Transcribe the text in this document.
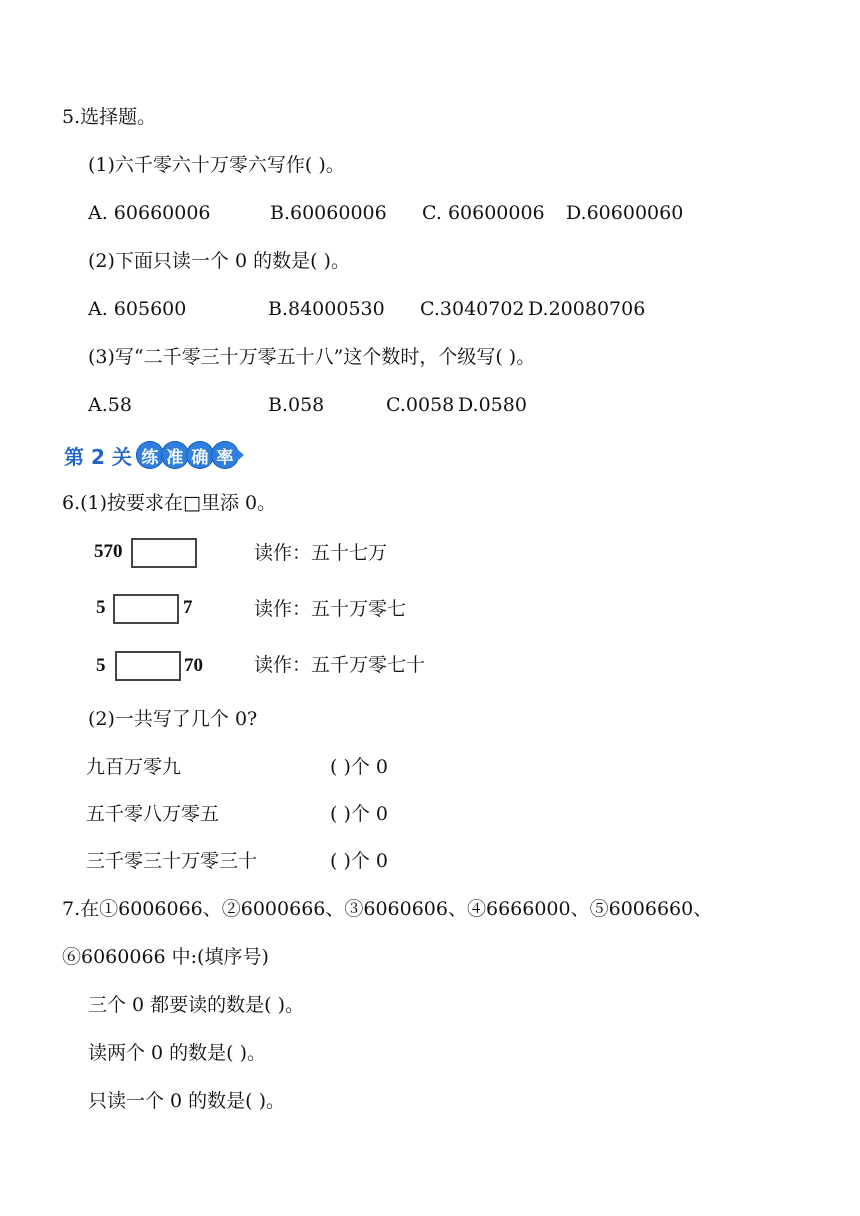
5.选择题。
(1)六千零六十万零六写作( )。
A. 60660006	B.60060006 C. 60600006 D.60600060
(2)下面只读一个 0 的数是( )。
A. 605600	B.84000530 C.3040702 D.20080706
(3)写“二千零三十万零五十八”这个数时，个级写( )。
A.58	B.058	C.0058 D.0580
第 2 关 练 准 确 率
6.(1)按要求在□里添 0。
570	读作：五十七万
5	7	读作：五十万零七
5	70	读作：五千万零七十
(2)一共写了几个 0?
九百万零九	( )个 0
五千零八万零五	( )个 0
三千零三十万零三十	( )个 0
7.在①6006066、②6000666、③6060606、④6666000、⑤6006660、
⑥6060066 中:(填序号)
三个 0 都要读的数是( )。
读两个 0 的数是( )。
只读一个 0 的数是( )。
